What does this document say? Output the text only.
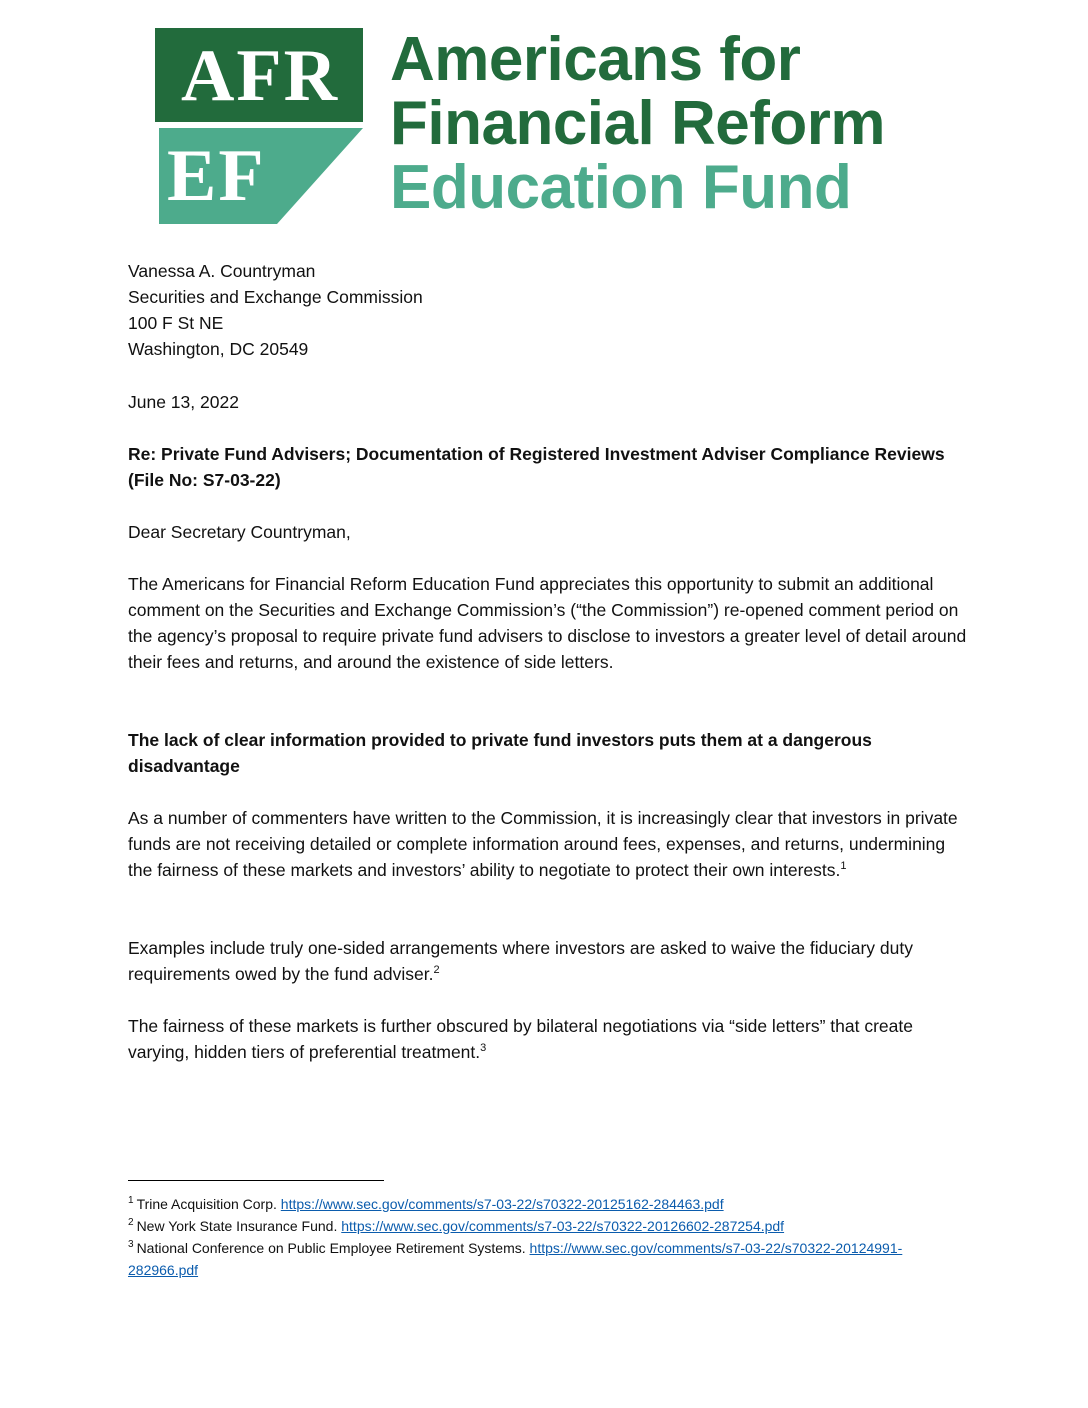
AFR
EF
Americans for
Financial Reform
Education Fund
Vanessa A. Countryman
Securities and Exchange Commission
100 F St NE
Washington, DC 20549
June 13, 2022
Re: Private Fund Advisers; Documentation of Registered Investment Adviser Compliance Reviews (File No: S7-03-22)
Dear Secretary Countryman,
The Americans for Financial Reform Education Fund appreciates this opportunity to submit an additional comment on the Securities and Exchange Commission’s (“the Commission”) re-opened comment period on the agency’s proposal to require private fund advisers to disclose to investors a greater level of detail around their fees and returns, and around the existence of side letters.
The lack of clear information provided to private fund investors puts them at a dangerous disadvantage
As a number of commenters have written to the Commission, it is increasingly clear that investors in private funds are not receiving detailed or complete information around fees, expenses, and returns, undermining the fairness of these markets and investors’ ability to negotiate to protect their own interests.$^1$
Examples include truly one-sided arrangements where investors are asked to waive the fiduciary duty requirements owed by the fund adviser.$^2$
The fairness of these markets is further obscured by bilateral negotiations via “side letters” that create varying, hidden tiers of preferential treatment.$^3$

$^1$ Trine Acquisition Corp. https://www.sec.gov/comments/s7-03-22/s70322-20125162-284463.pdf

$^2$ New York State Insurance Fund. https://www.sec.gov/comments/s7-03-22/s70322-20126602-287254.pdf

$^3$ National Conference on Public Employee Retirement Systems. https://www.sec.gov/comments/s7-03-22/s70322-20124991-282966.pdf
